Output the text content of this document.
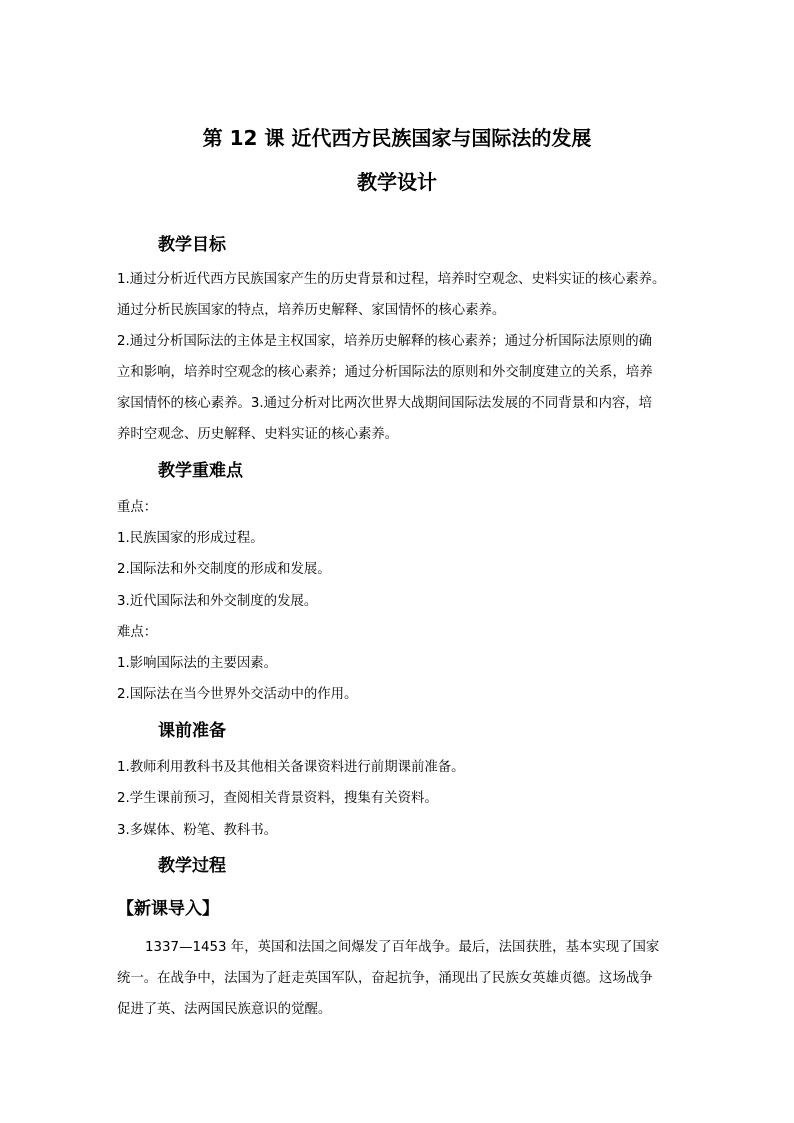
第 12 课 近代西方民族国家与国际法的发展
教学设计
教学目标
1.通过分析近代西方民族国家产生的历史背景和过程，培养时空观念、史料实证的核心素养。
通过分析民族国家的特点，培养历史解释、家国情怀的核心素养。
2.通过分析国际法的主体是主权国家，培养历史解释的核心素养；通过分析国际法原则的确
立和影响，培养时空观念的核心素养；通过分析国际法的原则和外交制度建立的关系，培养
家国情怀的核心素养。3.通过分析对比两次世界大战期间国际法发展的不同背景和内容，培
养时空观念、历史解释、史料实证的核心素养。
教学重难点
重点：
1.民族国家的形成过程。
2.国际法和外交制度的形成和发展。
3.近代国际法和外交制度的发展。
难点：
1.影响国际法的主要因素。
2.国际法在当今世界外交活动中的作用。
课前准备
1.教师利用教科书及其他相关备课资料进行前期课前准备。
2.学生课前预习，查阅相关背景资料，搜集有关资料。
3.多媒体、粉笔、教科书。
教学过程
【新课导入】
1337—1453 年，英国和法国之间爆发了百年战争。最后，法国获胜，基本实现了国家
统一。在战争中，法国为了赶走英国军队，奋起抗争，涌现出了民族女英雄贞德。这场战争
促进了英、法两国民族意识的觉醒。
